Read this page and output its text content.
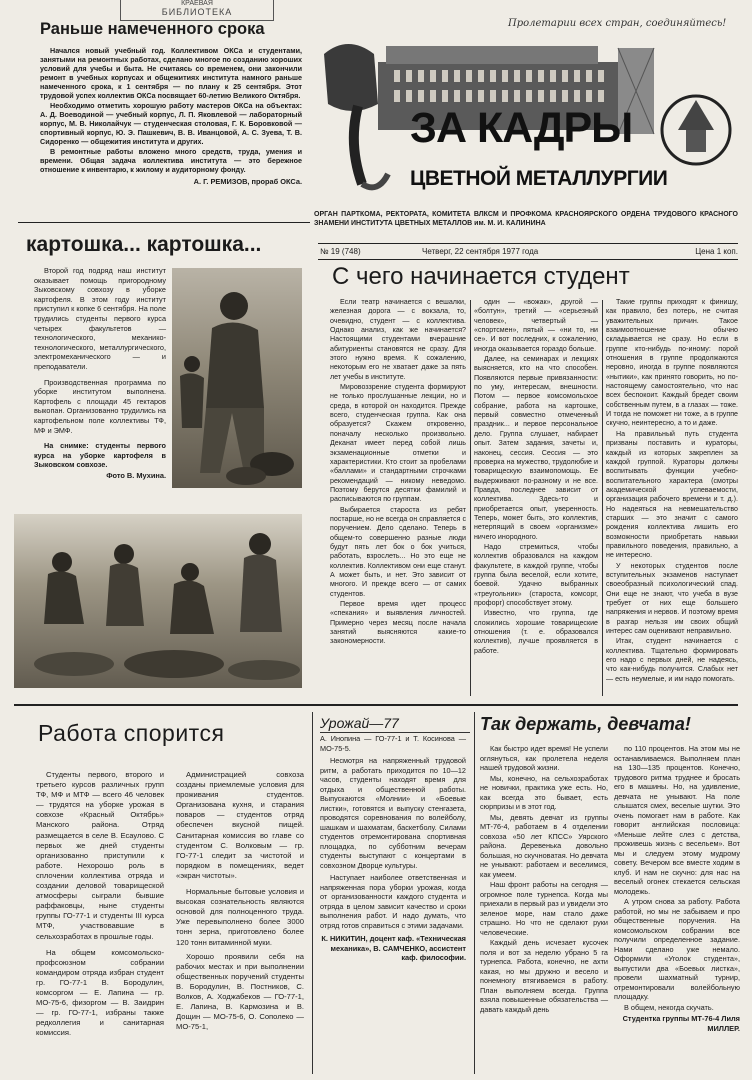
КРАЕВАЯ
БИБЛИОТЕКА
Раньше намеченного срока

Начался новый учебный год. Коллективом ОКСа и студентами, занятыми на ремонтных работах, сделано многое по созданию хороших условий для учебы и быта. Не считаясь со временем, они закончили ремонт в учебных корпусах и общежитиях института намного раньше намеченного срока, к 1 сентября — по плану к 25 сентября. Этот трудовой успех коллектив ОКСа посвящает 60-летию Великого Октября.

Необходимо отметить хорошую работу мастеров ОКСа на объектах: А. Д. Воеводиной — учебный корпус, Л. П. Яковлевой — лабораторный корпус, М. В. Николайчук — студенческая столовая, Г. К. Боровковой — спортивный корпус, Ю. Э. Пашкевич, В. В. Иванцовой, А. С. Зуева, Т. В. Сидоренко — общежития института и других.

В ремонтные работы вложено много средств, труда, умения и времени. Общая задача коллектива института — это бережное отношение к инвентарю, к жилому и аудиторному фонду.

А. Г. РЕМИЗОВ, прораб ОКСа.
Пролетарии всех стран, соединяйтесь!
ЗА КАДРЫ
ЦВЕТНОЙ МЕТАЛЛУРГИИ
ОРГАН ПАРТКОМА, РЕКТОРАТА, КОМИТЕТА ВЛКСМ И ПРОФКОМА КРАСНОЯРСКОГО ОРДЕНА ТРУДОВОГО КРАСНОГО ЗНАМЕНИ ИНСТИТУТА ЦВЕТНЫХ МЕТАЛЛОВ им. М. И. КАЛИНИНА
№ 19 (748)	Четверг, 22 сентября 1977 года	Цена 1 коп.
картошка... картошка...

Второй год подряд наш институт оказывает помощь пригородному Зыковскому совхозу в уборке картофеля. В этом году институт приступил к копке 6 сентября. На поле трудились студенты первого курса четырех факультетов — технологического, механико-технологического, металлургического, электромеханического — и преподаватели.

Производственная программа по уборке институтом выполнена. Картофель с площади 45 гектаров выкопан. Организованно трудились на картофельном поле коллективы ТФ, МФ и ЭМФ.

На снимке: студенты первого курса на уборке картофеля в Зыковском совхозе.

Фото В. Мухина.
С чего начинается студент

Если театр начинается с вешалки, железная дорога — с вокзала, то, очевидно, студент — с коллектива. Однако анализ, как же начинается? Настоящими студентами вчерашние абитуриенты становятся не сразу. Для этого нужно время. К сожалению, некоторым его не хватает даже за пять лет учебы в институте.

Мировоззрение студента формируют не только прослушанные лекции, но и среда, в которой он находится. Прежде всего, студенческая группа. Как она образуется? Скажем откровенно, поначалу несколько произвольно. Деканат имеет перед собой лишь экзаменационные отметки и характеристики. Кто стоит за пробелами «баллами» и стандартными строчками рекомендаций — никому неведомо. Поэтому берутся десятки фамилий и расписываются по группам.

Выбирается староста из ребят постарше, но не всегда он справляется с поручением. Дело сделано. Теперь в общем-то совершенно разные люди будут пять лет бок о бок учиться, работать, взрослеть... Но это еще не коллектив. Коллективом они еще станут. А может быть, и нет. Это зависит от многого. И прежде всего — от самих студентов.

Первое время идет процесс «спекания» и выявления личностей. Примерно через месяц после начала занятий выясняются какие-то закономерности.

один — «вожак», другой — «болтун», третий — «серьезный человек», четвертый — «спортсмен», пятый — «ни то, ни се». И вот последних, к сожалению, иногда оказывается гораздо больше.

Далее, на семинарах и лекциях выясняется, кто на что способен. Появляются первые привязанности: по уму, интересам, внешности. Потом — первое комсомольское собрание, работа на картошке, первый совместно отмеченный праздник... и первое персональное дело. Группа слушает, набирает опыт. Затем задания, зачеты и, наконец, сессия. Сессия — это проверка на мужество, трудолюбие и товарищескую взаимопомощь. Ее выдерживают по-разному и не все. Правда, последнее зависит от коллектива. Здесь-то и приобретается опыт, уверенность. Теперь, может быть, это коллектив, нетерпящий в своем «организме» ничего инородного.

Надо стремиться, чтобы коллектив образовался на каждом факультете, в каждой группе, чтобы группа была веселой, если хотите, боевой. Удачно выбранных «треугольник» (староста, комсорг, профорг) способствует этому.

Известно, что группа, где сложились хорошие товарищеские отношения (т. е. образовался коллектив), лучше проявляется в работе.

Такие группы приходят к финишу, как правило, без потерь, не считая уважительных причин. Такое взаимоотношение обычно складывается не сразу. Но если в группе кто-нибудь по-иному: порой отношения в группе продолжаются неровно, иногда в группе появляются «нытики», как принято говорить, но по-настоящему самостоятельно, что нас всех беспокоит. Каждый бредет своим собственным путем, в а глазах — тоже. И тогда не поможет ни тоже, а в группе скучно, неинтересно, а то и даже.

На правильный путь студента призваны поставить и кураторы, каждый из которых закреплен за каждой группой. Кураторы должны воспитывать функции учебно-воспитательного характера (смотры академической успеваемости, организация рабочего времени и т. д.). Но надеяться на невмешательство старших — это значит с самого рождения коллектива лишить его возможности приобретать навыки правильного поведения, правильно, а не интересно.

У некоторых студентов после вступительных экзаменов наступает своеобразный психологический спад. Они еще не знают, что учеба в вузе требует от них еще большего напряжения и нервов. И поэтому время в разгар нельзя им своих общий интерес сам оценивают неправильно.

Итак, студент начинается с коллектива. Тщательно формировать его надо с первых дней, не надеясь, что как-нибудь получится. Слабых нет — есть неумелые, и им надо помогать.

Работа спорится

Студенты первого, второго и третьего курсов различных групп ТФ, МФ и МТФ — всего 46 человек — трудятся на уборке урожая в совхозе «Красный Октябрь» Манского района. Отряд размещается в селе В. Есаулово. С первых же дней студенты организованно приступили к работе. Нехорошо роль в сплочении коллектива отряда и создании деловой товарищеской атмосферы сыграли бывшие раффаковцы, ныне студенты группы ГО-77-1 и студенты III курса МТФ, участвовавшие в сельхозработах в прошлые годы.

На общем комсомольско-профсоюзном собрании командиром отряда избран студент гр. ГО-77-1 В. Бородулин, комсоргом — Е. Лапина — гр. МО-75-6, физоргом — В. Заидрин — гр. ГО-77-1, избраны также редколлегия и санитарная комиссия.

Администрацией совхоза созданы приемлемые условия для проживания студентов. Организована кухня, и старания поваров — студентов отряд обеспечен вкусной пищей. Санитарная комиссия во главе со студентом С. Волковым — гр. ГО-77-1 следит за чистотой и порядком в помещениях, ведет «экран чистоты».

Нормальные бытовые условия и высокая сознательность являются основой для полноценного труда. Уже перевыполнено более 3000 тонн зерна, приготовлено более 120 тонн витаминной муки.

Хорошо проявили себя на рабочих местах и при выполнении общественных поручений студенты В. Бородулин, В. Постников, С. Волков, А. Ходжабеков — ГО-77-1, Е. Лапина, В. Кармозина и В. Дощин — МО-75-6, О. Сополеко — МО-75-1,

Урожай—77

А. Инопина — ГО-77-1 и Т. Косинова — МО-75-5.

Несмотря на напряженный трудовой ритм, а работать приходится по 10—12 часов, студенты находят время для отдыха и общественной работы. Выпускаются «Молнии» и «Боевые листки», готовятся и выпуску стенгазета, проводятся соревнования по волейболу, шашкам и шахматам, баскетболу. Силами студентов отремонтирована спортивная площадка, по субботним вечерам студенты выступают с концертами в совхозном Дворце культуры.

Наступает наиболее ответственная и напряженная пора уборки урожая, когда от организованности каждого студента и отряда в целом зависит качество и сроки выполнения работ. И надо думать, что отряд готов справиться с этими задачами.

К. НИКИТИН, доцент каф. «Техническая механика», В. САМЧЕНКО, ассистент каф. философии.
Так держать, девчата!

Как быстро идет время! Не успели оглянуться, как пролетела неделя нашей трудовой жизни.

Мы, конечно, на сельхозработах не новички, практика уже есть. Но, как всегда это бывает, есть сюрпризы и в этот год.

Мы, девять девчат из группы МТ-76-4, работаем в 4 отделении совхоза «50 лет КПСС» Уярского района. Деревенька довольно большая, но скучноватая. Но девчата не унывают: работаем и веселимся, как умеем.

Наш фронт работы на сегодня — огромное поле турнепса. Когда мы приехали в первый раз и увидели это зеленое море, нам стало даже страшно. Но что не сделают руки человеческие.

Каждый день исчезает кусочек поля и вот за неделю убрано 5 га турнепса. Работа, конечно, не ахти какая, но мы дружно и весело и понемногу втягиваемся в работу. План выполняем всегда. Группа взяла повышенные обязательства — давать каждый день

по 110 процентов. На этом мы не останавливаемся. Выполняем план на 130—135 процентов. Конечно, трудового ритма труднее и бросать его в машины. Но, на удивление, девчата не унывают. На поле слышатся смех, веселые шутки. Это очень помогает нам в работе. Как говорит английская пословица: «Меньше лейте слез с детства, проживешь жизнь с весельем». Вот мы и следуем этому мудрому совету. Вечером все вместе ходим в клуб. И нам не скучно: для нас на веселый огонек стекается сельская молодежь.

А утром снова за работу. Работа работой, но мы не забываем и про общественные поручения. На комсомольском собрании все получили определенное задание. Нами сделано уже немало. Оформили «Уголок студента», выпустили два «Боевых листка», провели шахматный турнир, отремонтировали волейбольную площадку.

В общем, некогда скучать.

Студентка группы МТ-76-4 Лиля МИЛЛЕР.
